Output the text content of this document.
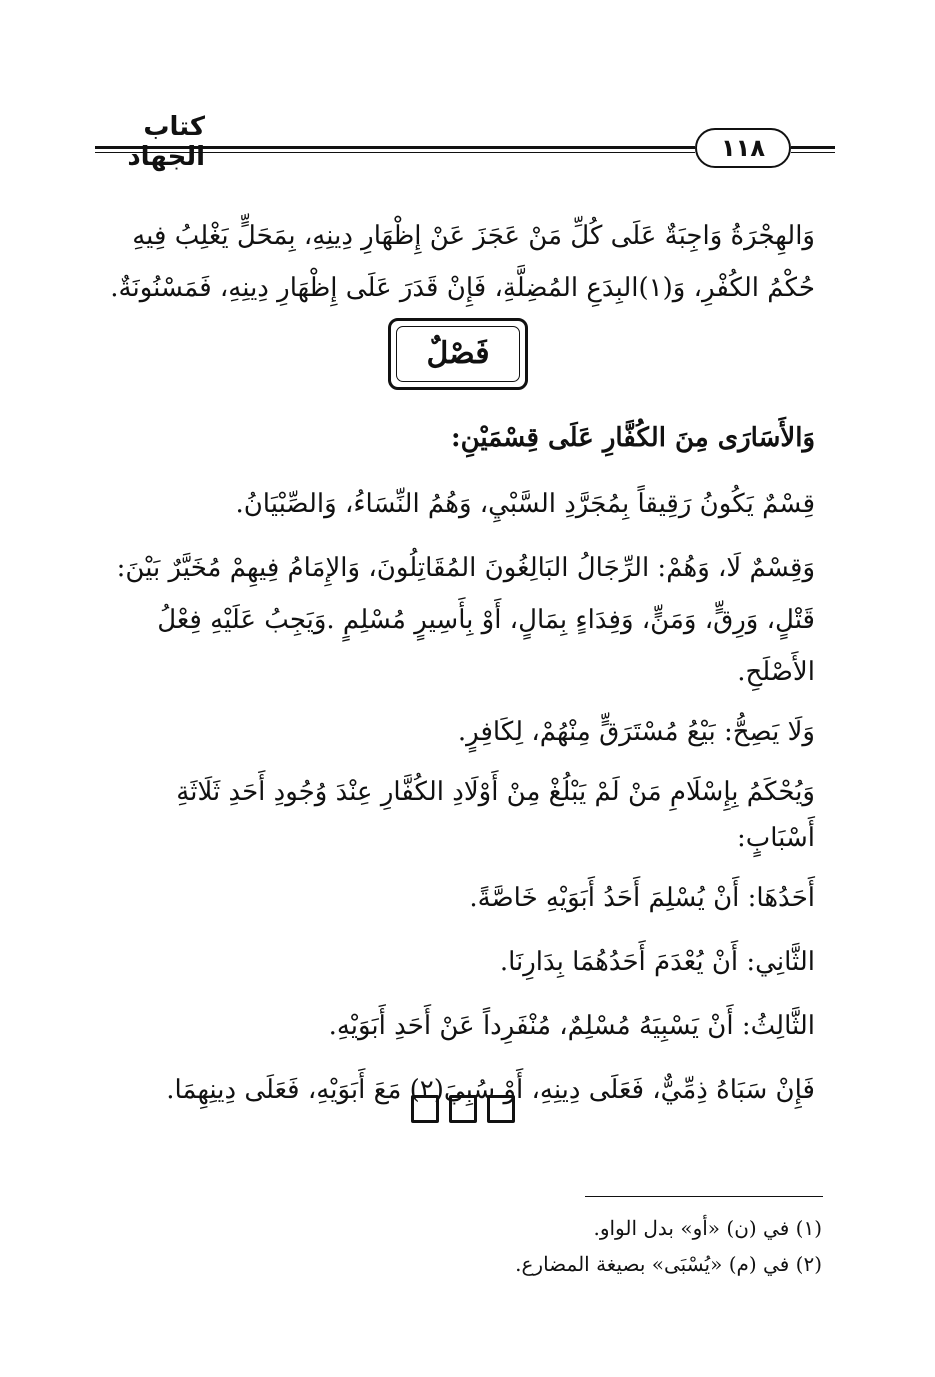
١١٨
كتاب الجهاد
وَالهِجْرَةُ وَاجِبَةٌ عَلَى كُلِّ مَنْ عَجَزَ عَنْ إِظْهَارِ دِينِهِ، بِمَحَلٍّ يَغْلِبُ فِيهِ
حُكْمُ الكُفْرِ، وَ(١)البِدَعِ المُضِلَّةِ، فَإِنْ قَدَرَ عَلَى إِظْهَارِ دِينِهِ، فَمَسْنُونَةٌ.
فَصْلٌ
وَالأَسَارَى مِنَ الكُفَّارِ عَلَى قِسْمَيْنِ:
قِسْمٌ يَكُونُ رَقِيقاً بِمُجَرَّدِ السَّبْيِ، وَهُمُ النِّسَاءُ، وَالصِّبْيَانُ.
وَقِسْمٌ لَا، وَهُمْ: الرِّجَالُ البَالِغُونَ المُقَاتِلُونَ، وَالإِمَامُ فِيهِمْ مُخَيَّرٌ بَيْنَ:
قَتْلٍ، وَرِقٍّ، وَمَنٍّ، وَفِدَاءٍ بِمَالٍ، أَوْ بِأَسِيرٍ مُسْلِمٍ .وَيَجِبُ عَلَيْهِ فِعْلُ الأَصْلَحِ.
وَلَا يَصِحُّ: بَيْعُ مُسْتَرَقٍّ مِنْهُمْ، لِكَافِرٍ.
وَيُحْكَمُ بِإِسْلَامِ مَنْ لَمْ يَبْلُغْ مِنْ أَوْلَادِ الكُفَّارِ عِنْدَ وُجُودِ أَحَدِ ثَلَاثَةِ
أَسْبَابٍ:
أَحَدُهَا: أَنْ يُسْلِمَ أَحَدُ أَبَوَيْهِ خَاصَّةً.
الثَّانِي: أَنْ يُعْدَمَ أَحَدُهُمَا بِدَارِنَا.
الثَّالِثُ: أَنْ يَسْبِيَهُ مُسْلِمٌ، مُنْفَرِداً عَنْ أَحَدِ أَبَوَيْهِ.
فَإِنْ سَبَاهُ ذِمِّيٌّ، فَعَلَى دِينِهِ، أَوْ سُبِيَ(٢) مَعَ أَبَوَيْهِ، فَعَلَى دِينِهِمَا.
(١) في (ن) «أو» بدل الواو.
(٢) في (م) «يُسْبَى» بصيغة المضارع.
